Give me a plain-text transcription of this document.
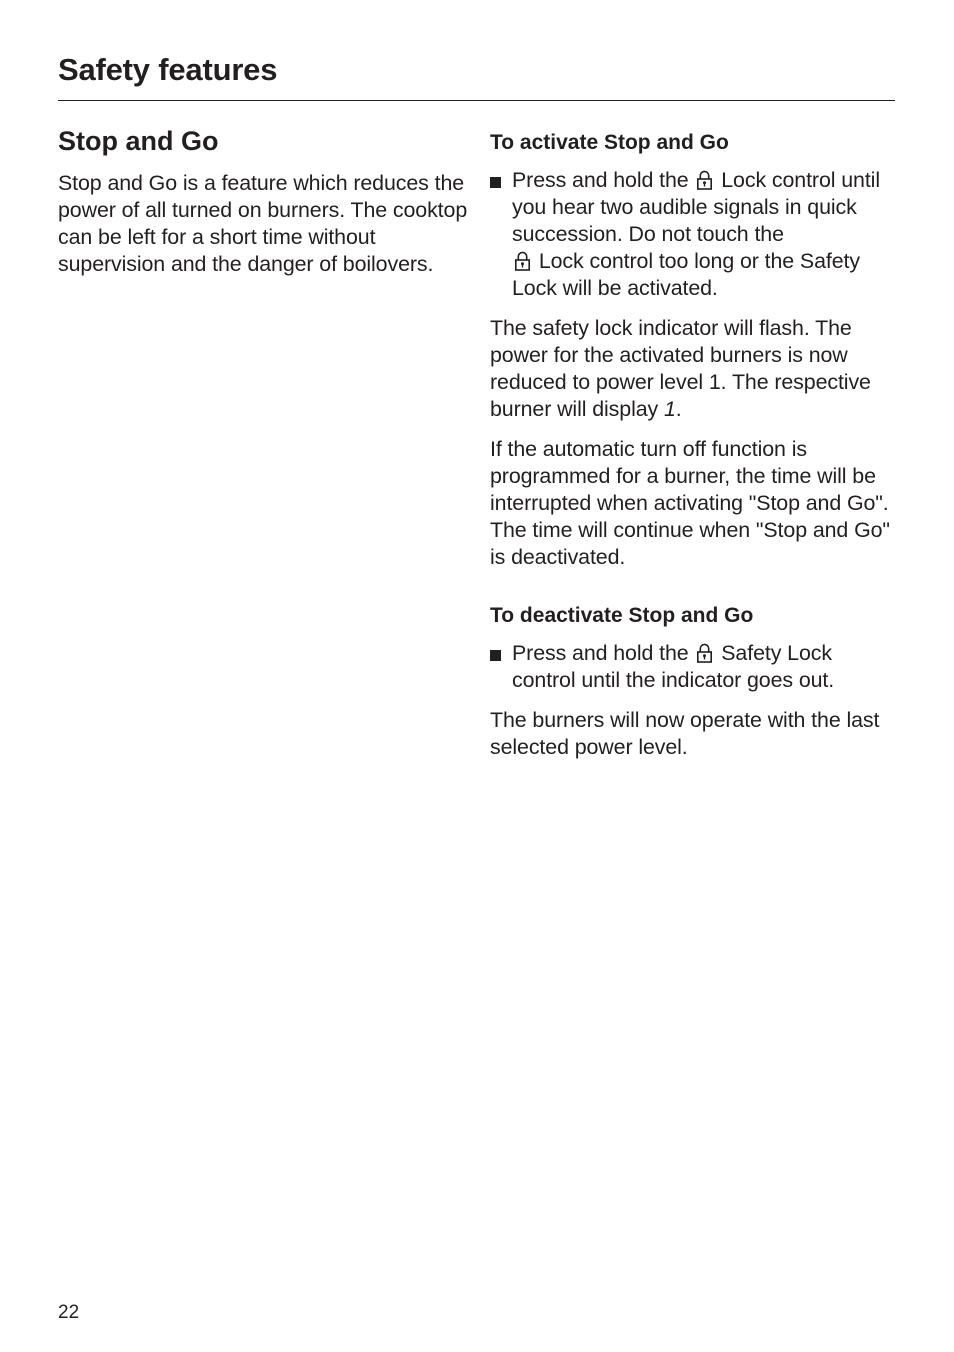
Safety features
Stop and Go

Stop and Go is a feature which reduces the power of all turned on burners. The cooktop can be left for a short time without supervision and the danger of boilovers.

To activate Stop and Go
Press and hold the Lock control until you hear two audible signals in quick succession. Do not touch the
Lock control too long or the Safety Lock will be activated.

The safety lock indicator will flash. The power for the activated burners is now reduced to power level 1. The respective burner will display 1.

If the automatic turn off function is programmed for a burner, the time will be interrupted when activating "Stop and Go". The time will continue when "Stop and Go" is deactivated.

To deactivate Stop and Go
Press and hold the Safety Lock control until the indicator goes out.

The burners will now operate with the last selected power level.

22
